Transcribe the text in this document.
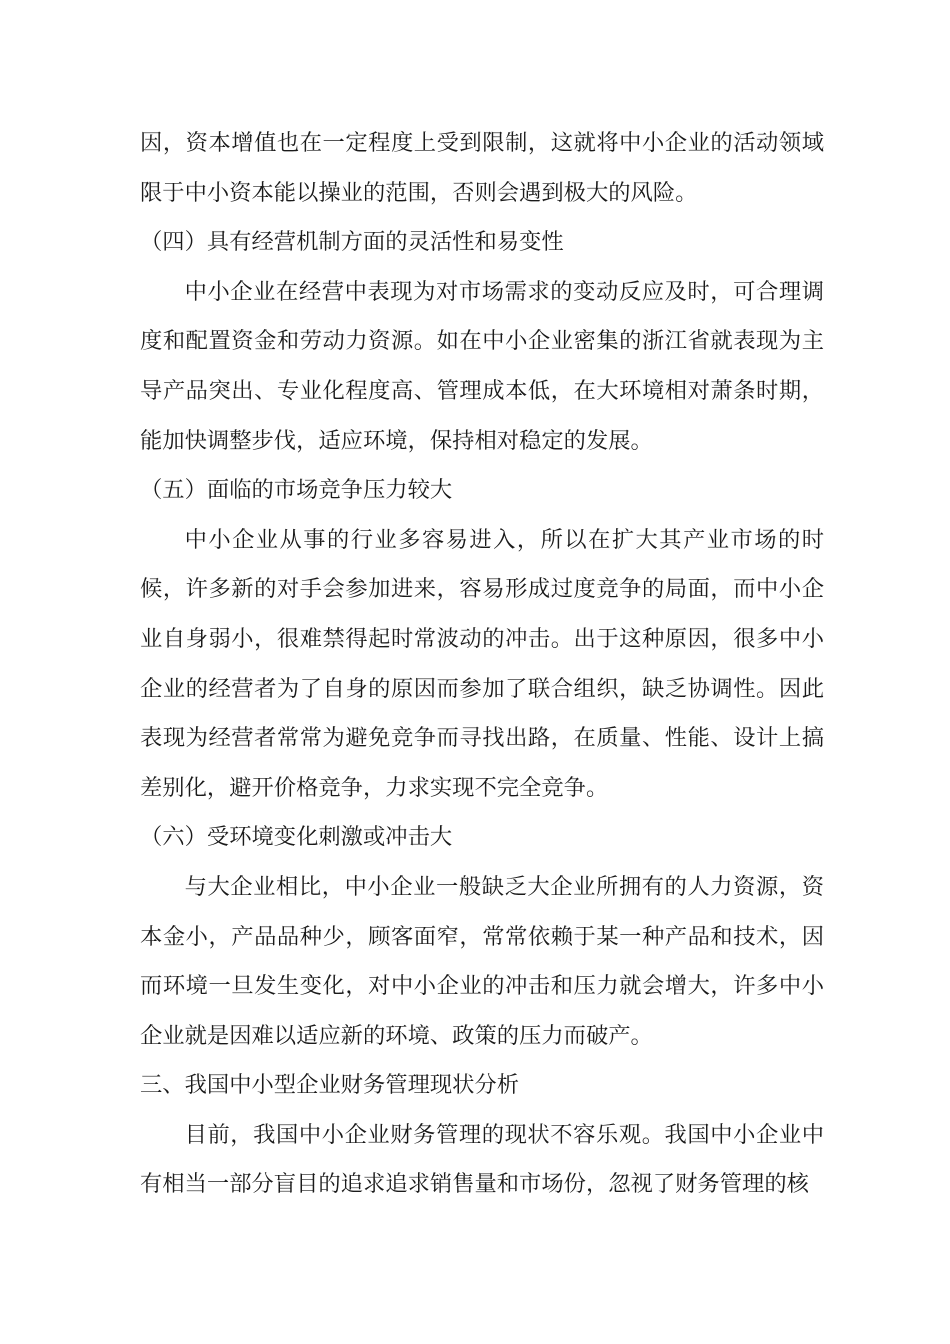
因，资本增值也在一定程度上受到限制，这就将中小企业的活动领域限于中小资本能以操业的范围，否则会遇到极大的风险。

（四）具有经营机制方面的灵活性和易变性

中小企业在经营中表现为对市场需求的变动反应及时，可合理调度和配置资金和劳动力资源。如在中小企业密集的浙江省就表现为主导产品突出、专业化程度高、管理成本低，在大环境相对萧条时期，能加快调整步伐，适应环境，保持相对稳定的发展。

（五）面临的市场竞争压力较大

中小企业从事的行业多容易进入，所以在扩大其产业市场的时候，许多新的对手会参加进来，容易形成过度竞争的局面，而中小企业自身弱小，很难禁得起时常波动的冲击。出于这种原因，很多中小企业的经营者为了自身的原因而参加了联合组织，缺乏协调性。因此表现为经营者常常为避免竞争而寻找出路，在质量、性能、设计上搞差别化，避开价格竞争，力求实现不完全竞争。

（六）受环境变化刺激或冲击大

与大企业相比，中小企业一般缺乏大企业所拥有的人力资源，资本金小，产品品种少，顾客面窄，常常依赖于某一种产品和技术，因而环境一旦发生变化，对中小企业的冲击和压力就会增大，许多中小企业就是因难以适应新的环境、政策的压力而破产。

三、我国中小型企业财务管理现状分析

目前，我国中小企业财务管理的现状不容乐观。我国中小企业中有相当一部分盲目的追求追求销售量和市场份，忽视了财务管理的核
